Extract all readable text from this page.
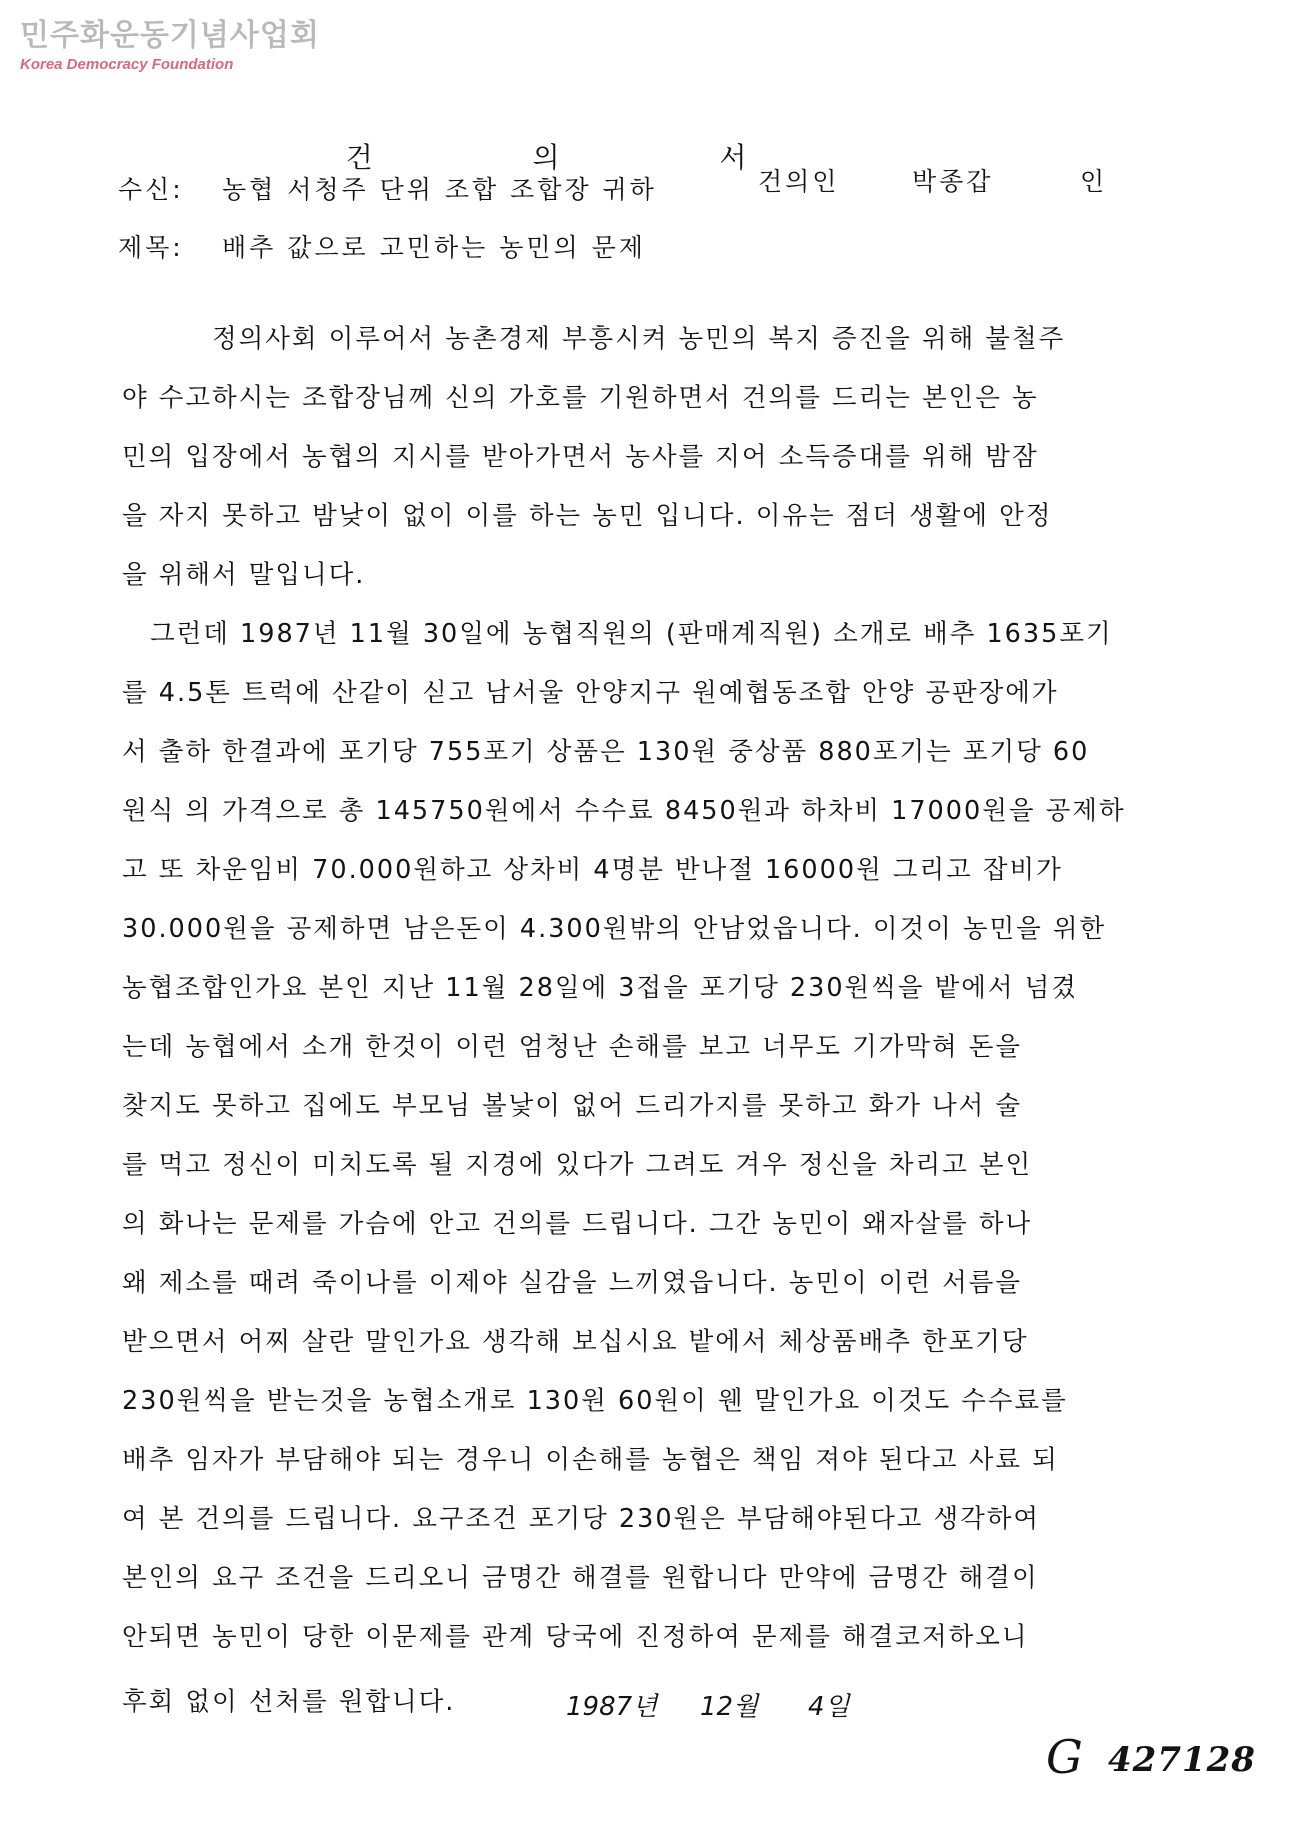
민주화운동기념사업회
Korea Democracy Foundation
건	의	서
수신: 농협 서청주 단위 조합 조합장 귀하	건의인	박종갑	인
제목: 배추 값으로 고민하는 농민의 문제
정의사회 이루어서 농촌경제 부흥시켜 농민의 복지 증진을 위해 불철주
야 수고하시는 조합장님께 신의 가호를 기원하면서 건의를 드리는 본인은 농
민의 입장에서 농협의 지시를 받아가면서 농사를 지어 소득증대를 위해 밤잠
을 자지 못하고 밤낮이 없이 이를 하는 농민 입니다. 이유는 점더 생활에 안정
을 위해서 말입니다.
그런데 1987년 11월 30일에 농협직원의 (판매계직원) 소개로 배추 1635포기
를 4.5톤 트럭에 산같이 싣고 남서울 안양지구 원예협동조합 안양 공판장에가
서 출하 한결과에 포기당 755포기 상품은 130원 중상품 880포기는 포기당 60
원식 의 가격으로 총 145750원에서 수수료 8450원과 하차비 17000원을 공제하
고 또 차운임비 70.000원하고 상차비 4명분 반나절 16000원 그리고 잡비가
30.000원을 공제하면 남은돈이 4.300원밖의 안남었읍니다. 이것이 농민을 위한
농협조합인가요 본인 지난 11월 28일에 3접을 포기당 230원씩을 밭에서 넘겼
는데 농협에서 소개 한것이 이런 엄청난 손해를 보고 너무도 기가막혀 돈을
찾지도 못하고 집에도 부모님 볼낯이 없어 드리가지를 못하고 화가 나서 술
를 먹고 정신이 미치도록 될 지경에 있다가 그려도 겨우 정신을 차리고 본인
의 화나는 문제를 가슴에 안고 건의를 드립니다. 그간 농민이 왜자살를 하나
왜 제소를 때려 죽이나를 이제야 실감을 느끼였읍니다. 농민이 이런 서름을
받으면서 어찌 살란 말인가요 생각해 보십시요 밭에서 체상품배추 한포기당
230원씩을 받는것을 농협소개로 130원 60원이 웬 말인가요 이것도 수수료를
배추 임자가 부담해야 되는 경우니 이손해를 농협은 책임 져야 된다고 사료 되
여 본 건의를 드립니다. 요구조건 포기당 230원은 부담해야된다고 생각하여
본인의 요구 조건을 드리오니 금명간 해결를 원합니다 만약에 금명간 해결이
안되면 농민이 당한 이문제를 관계 당국에 진정하여 문제를 해결코저하오니
후회 없이 선처를 원합니다.	1987년 12월 4일
G 427128
